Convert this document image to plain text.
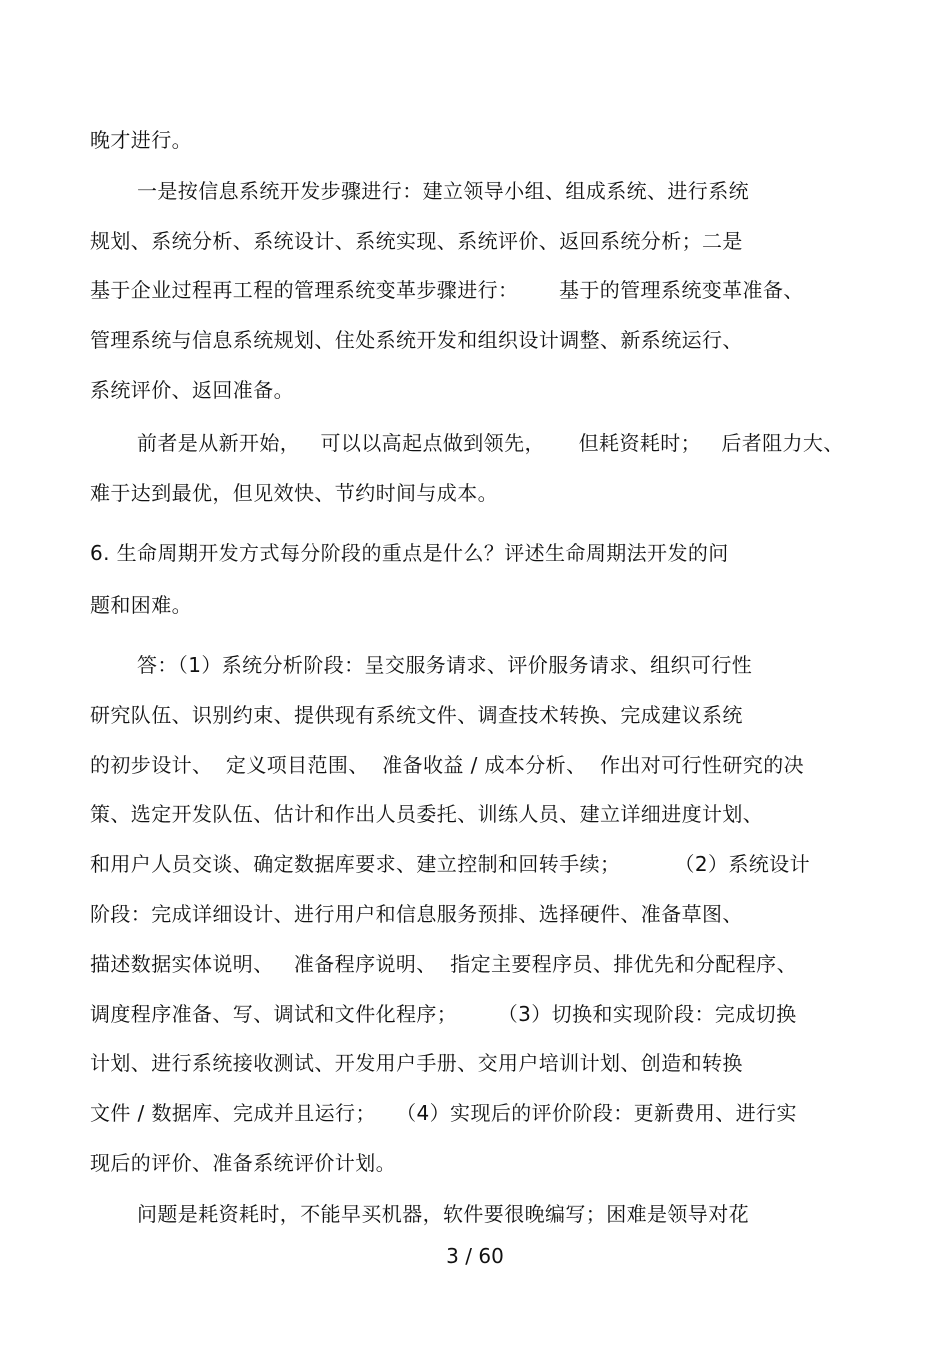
晚才进行。
一是按信息系统开发步骤进行：建立领导小组、组成系统、进行系统
规划、系统分析、系统设计、系统实现、系统评价、返回系统分析；二是
基于企业过程再工程的管理系统变革步骤进行：      基于的管理系统变革准备、
管理系统与信息系统规划、住处系统开发和组织设计调整、新系统运行、
系统评价、返回准备。
前者是从新开始，   可以以高起点做到领先，     但耗资耗时；   后者阻力大、
难于达到最优，但见效快、节约时间与成本。
6. 生命周期开发方式每分阶段的重点是什么？评述生命周期法开发的问
题和困难。
答：（1）系统分析阶段：呈交服务请求、评价服务请求、组织可行性
研究队伍、识别约束、提供现有系统文件、调查技术转换、完成建议系统
的初步设计、  定义项目范围、  准备收益 / 成本分析、  作出对可行性研究的决
策、选定开发队伍、估计和作出人员委托、训练人员、建立详细进度计划、
和用户人员交谈、确定数据库要求、建立控制和回转手续；        （2）系统设计
阶段：完成详细设计、进行用户和信息服务预排、选择硬件、准备草图、
描述数据实体说明、   准备程序说明、  指定主要程序员、排优先和分配程序、
调度程序准备、写、调试和文件化程序；      （3）切换和实现阶段：完成切换
计划、进行系统接收测试、开发用户手册、交用户培训计划、创造和转换
文件 / 数据库、完成并且运行；   （4）实现后的评价阶段：更新费用、进行实
现后的评价、准备系统评价计划。
问题是耗资耗时，不能早买机器，软件要很晚编写；困难是领导对花
3 / 60
